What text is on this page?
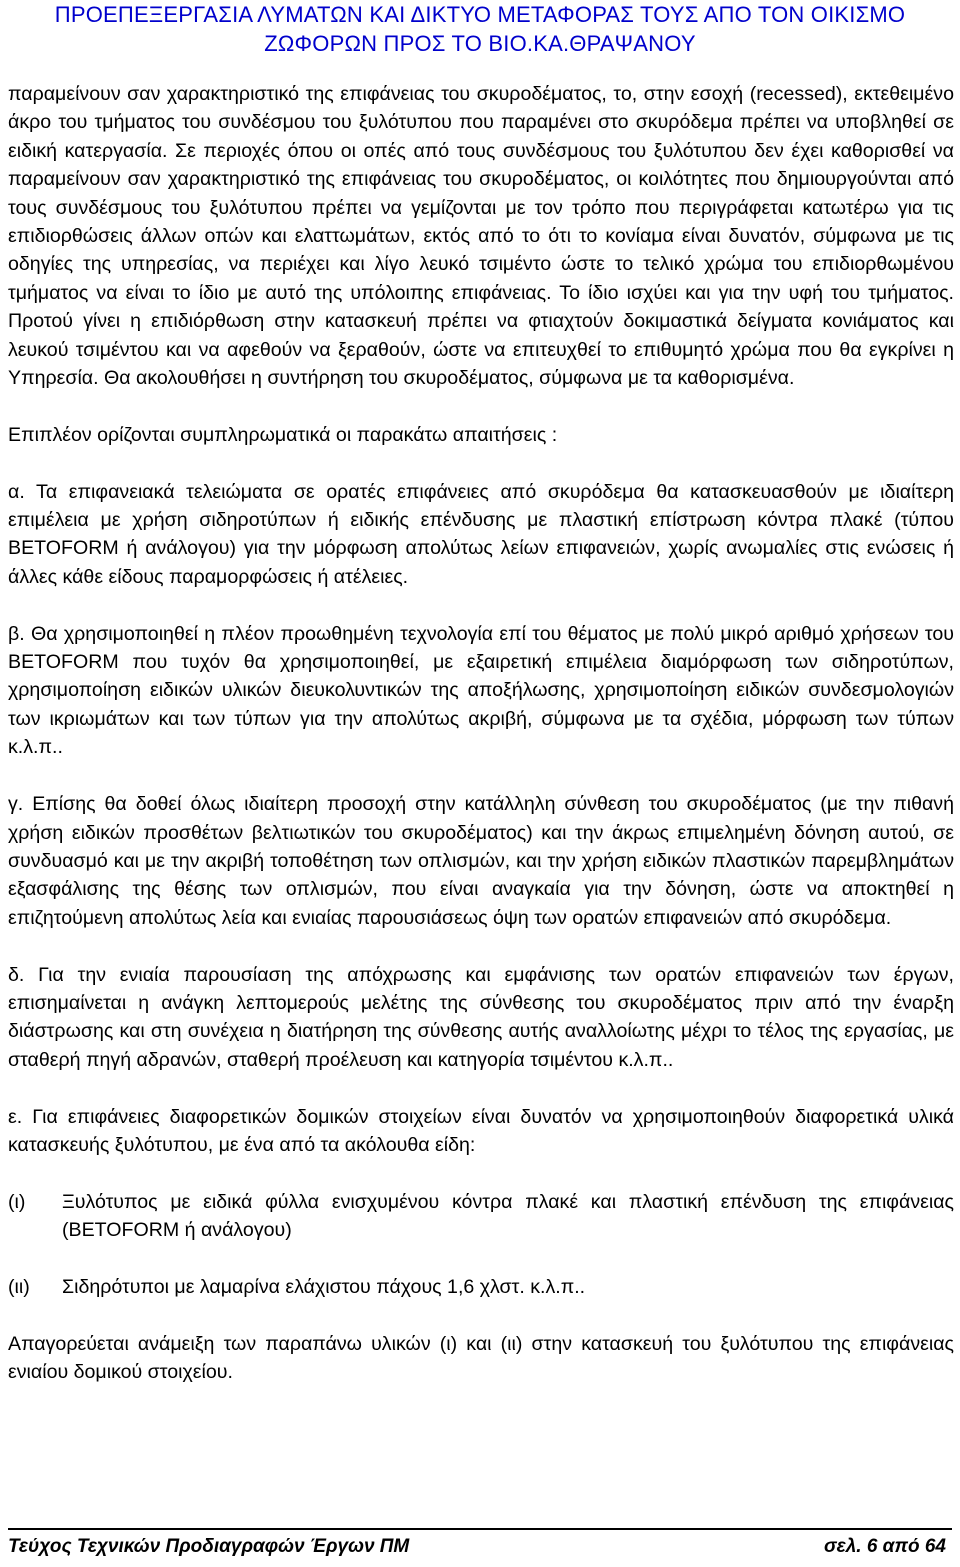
ΠΡΟΕΠΕΞΕΡΓΑΣΙΑ ΛΥΜΑΤΩΝ ΚΑΙ ΔΙΚΤΥΟ ΜΕΤΑΦΟΡΑΣ ΤΟΥΣ ΑΠΟ ΤΟΝ ΟΙΚΙΣΜΟ
ΖΩΦΟΡΩΝ ΠΡΟΣ ΤΟ ΒΙΟ.ΚΑ.ΘΡΑΨΑΝΟΥ

παραμείνουν σαν χαρακτηριστικό της επιφάνειας του σκυροδέματος, το, στην εσοχή (recessed), εκτεθειμένο άκρο του τμήματος του συνδέσμου του ξυλότυπου που παραμένει στο σκυρόδεμα πρέπει να υποβληθεί σε ειδική κατεργασία. Σε περιοχές όπου οι οπές από τους συνδέσμους του ξυλότυπου δεν έχει καθορισθεί να παραμείνουν σαν χαρακτηριστικό της επιφάνειας του σκυροδέματος, οι κοιλότητες που δημιουργούνται από τους συνδέσμους του ξυλότυπου πρέπει να γεμίζονται με τον τρόπο που περιγράφεται κατωτέρω για τις επιδιορθώσεις άλλων οπών και ελαττωμάτων, εκτός από το ότι το κονίαμα είναι δυνατόν, σύμφωνα με τις οδηγίες της υπηρεσίας, να περιέχει και λίγο λευκό τσιμέντο ώστε το τελικό χρώμα του επιδιορθωμένου τμήματος να είναι το ίδιο με αυτό της υπόλοιπης επιφάνειας. Το ίδιο ισχύει και για την υφή του τμήματος. Προτού γίνει η επιδιόρθωση στην κατασκευή πρέπει να φτιαχτούν δοκιμαστικά δείγματα κονιάματος και λευκού τσιμέντου και να αφεθούν να ξεραθούν, ώστε να επιτευχθεί το επιθυμητό χρώμα που θα εγκρίνει η Υπηρεσία. Θα ακολουθήσει η συντήρηση του σκυροδέματος, σύμφωνα με τα καθορισμένα.

Επιπλέον ορίζονται συμπληρωματικά οι παρακάτω απαιτήσεις :

α. Τα επιφανειακά τελειώματα σε ορατές επιφάνειες από σκυρόδεμα θα κατασκευασθούν με ιδιαίτερη επιμέλεια με χρήση σιδηροτύπων ή ειδικής επένδυσης με πλαστική επίστρωση κόντρα πλακέ (τύπου BETOFORM ή ανάλογου) για την μόρφωση απολύτως λείων επιφανειών, χωρίς ανωμαλίες στις ενώσεις ή άλλες κάθε είδους παραμορφώσεις ή ατέλειες.

β. Θα χρησιμοποιηθεί η πλέον προωθημένη τεχνολογία επί του θέματος με πολύ μικρό αριθμό χρήσεων του BETOFORM που τυχόν θα χρησιμοποιηθεί, με εξαιρετική επιμέλεια διαμόρφωση των σιδηροτύπων, χρησιμοποίηση ειδικών υλικών διευκολυντικών της αποξήλωσης, χρησιμοποίηση ειδικών συνδεσμολογιών των ικριωμάτων και των τύπων για την απολύτως ακριβή, σύμφωνα με τα σχέδια, μόρφωση των τύπων κ.λ.π..

γ. Επίσης θα δοθεί όλως ιδιαίτερη προσοχή στην κατάλληλη σύνθεση του σκυροδέματος (με την πιθανή χρήση ειδικών προσθέτων βελτιωτικών του σκυροδέματος) και την άκρως επιμελημένη δόνηση αυτού, σε συνδυασμό και με την ακριβή τοποθέτηση των οπλισμών, και την χρήση ειδικών πλαστικών παρεμβλημάτων εξασφάλισης της θέσης των οπλισμών, που είναι αναγκαία για την δόνηση, ώστε να αποκτηθεί η επιζητούμενη απολύτως λεία και ενιαίας παρουσιάσεως όψη των ορατών επιφανειών από σκυρόδεμα.

δ. Για την ενιαία παρουσίαση της απόχρωσης και εμφάνισης των ορατών επιφανειών των έργων, επισημαίνεται η ανάγκη λεπτομερούς μελέτης της σύνθεσης του σκυροδέματος πριν από την έναρξη διάστρωσης και στη συνέχεια η διατήρηση της σύνθεσης αυτής αναλλοίωτης μέχρι το τέλος της εργασίας, με σταθερή πηγή αδρανών, σταθερή προέλευση και κατηγορία τσιμέντου κ.λ.π..

ε. Για επιφάνειες διαφορετικών δομικών στοιχείων είναι δυνατόν να χρησιμοποιηθούν διαφορετικά υλικά κατασκευής ξυλότυπου, με ένα από τα ακόλουθα είδη:

(ι)	Ξυλότυπος με ειδικά φύλλα ενισχυμένου κόντρα πλακέ και πλαστική επένδυση της επιφάνειας (BETOFORM ή ανάλογου)
(ιι)	Σιδηρότυποι με λαμαρίνα ελάχιστου πάχους 1,6 χλστ. κ.λ.π..

Απαγορεύεται ανάμειξη των παραπάνω υλικών (ι) και (ιι) στην κατασκευή του ξυλότυπου της επιφάνειας ενιαίου δομικού στοιχείου.

Τεύχος Τεχνικών Προδιαγραφών Έργων ΠΜ	σελ. 6 από 64
